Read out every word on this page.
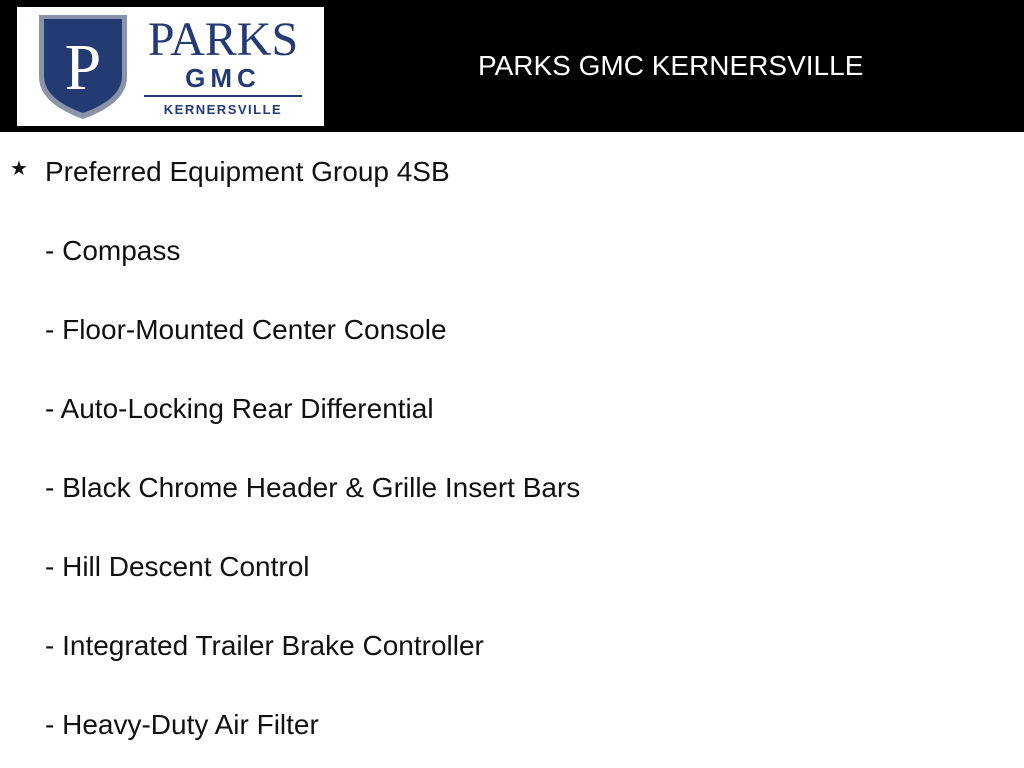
P PARKS
GMC
KERNERSVILLE
PARKS GMC KERNERSVILLE
★ Preferred Equipment Group 4SB
- Compass
- Floor-Mounted Center Console
- Auto-Locking Rear Differential
- Black Chrome Header & Grille Insert Bars
- Hill Descent Control
- Integrated Trailer Brake Controller
- Heavy-Duty Air Filter
